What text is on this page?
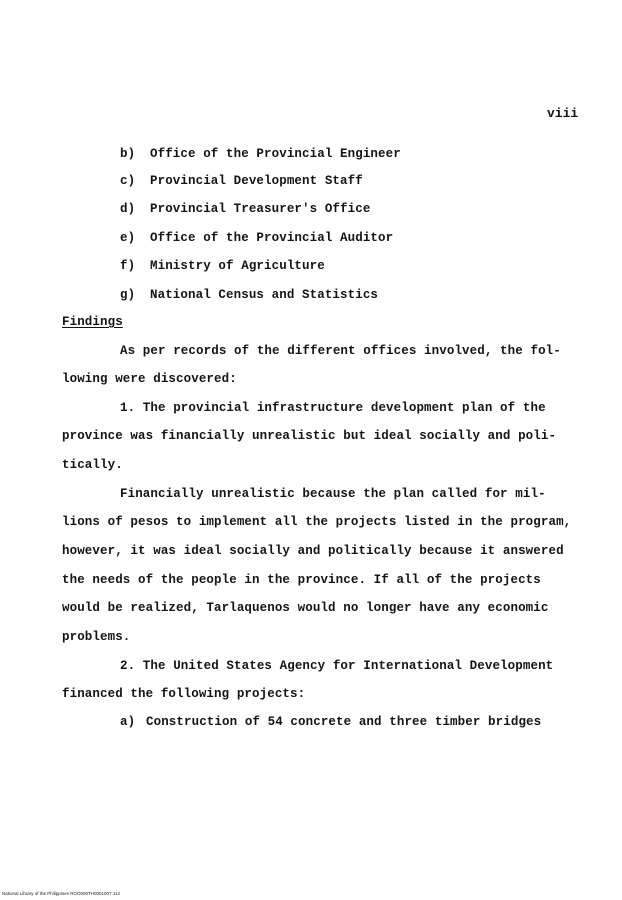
viii
b) Office of the Provincial Engineer
c) Provincial Development Staff
d) Provincial Treasurer's Office
e) Office of the Provincial Auditor
f) Ministry of Agriculture
g) National Census and Statistics
Findings
As per records of the different offices involved, the fol-
lowing were discovered:
1. The provincial infrastructure development plan of the
province was financially unrealistic but ideal socially and poli-
tically.
Financially unrealistic because the plan called for mil-
lions of pesos to implement all the projects listed in the program,
however, it was ideal socially and politically because it answered
the needs of the people in the province. If all of the projects
would be realized, Tarlaquenos would no longer have any economic
problems.
2. The United States Agency for International Development
financed the following projects:
a) Construction of 54 concrete and three timber bridges
National Library of the Philippines ROO000TH0001007 112
